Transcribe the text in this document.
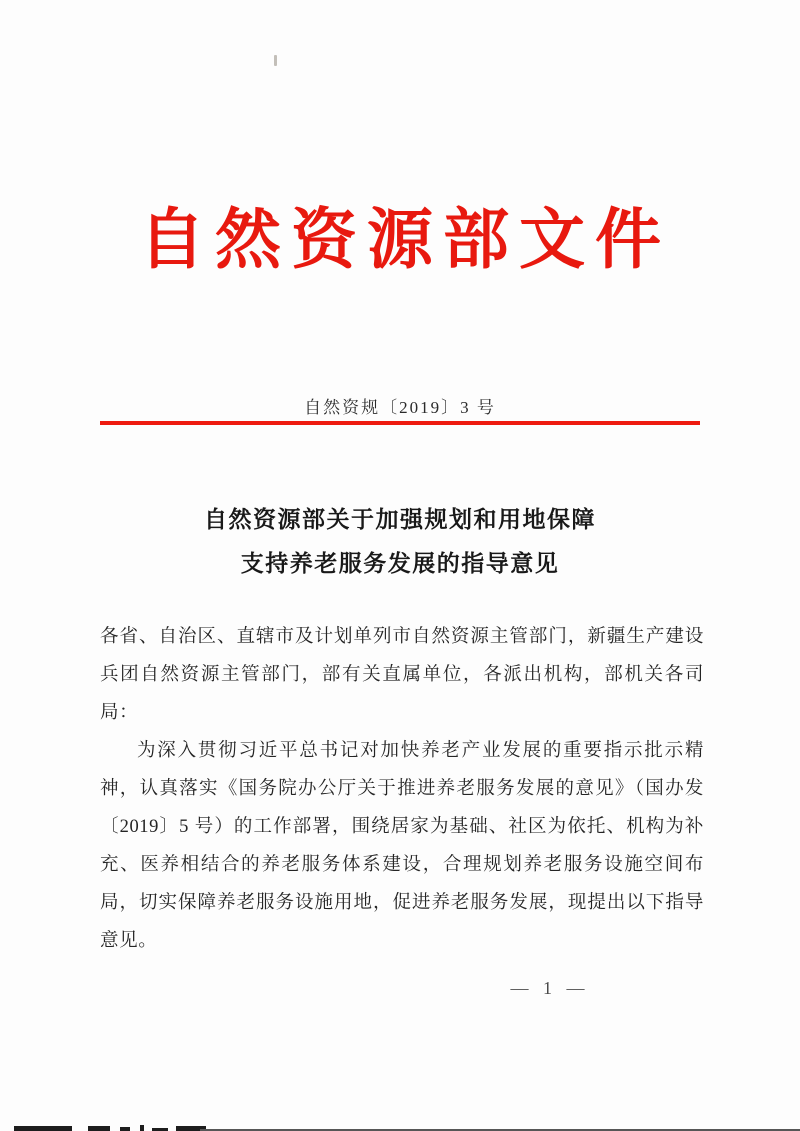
自然资源部文件
自然资规〔2019〕3 号
自然资源部关于加强规划和用地保障
支持养老服务发展的指导意见

各省、自治区、直辖市及计划单列市自然资源主管部门，新疆生产建设兵团自然资源主管部门，部有关直属单位，各派出机构，部机关各司局：

为深入贯彻习近平总书记对加快养老产业发展的重要指示批示精神，认真落实《国务院办公厅关于推进养老服务发展的意见》（国办发〔2019〕5 号）的工作部署，围绕居家为基础、社区为依托、机构为补充、医养相结合的养老服务体系建设，合理规划养老服务设施空间布局，切实保障养老服务设施用地，促进养老服务发展，现提出以下指导意见。

— 1 —
